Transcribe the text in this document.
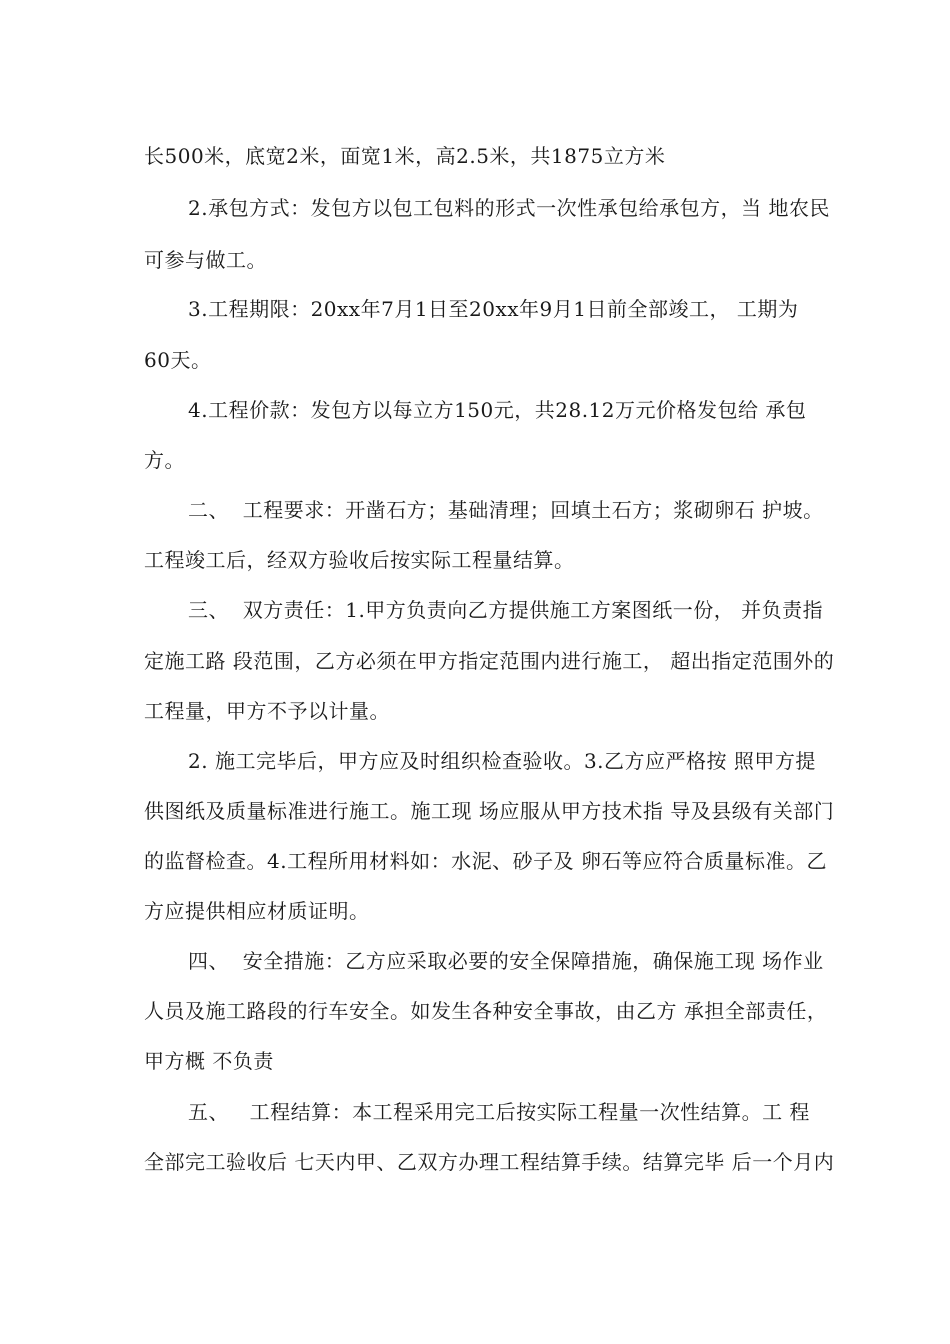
长500米，底宽2米，面宽1米，高2.5米，共1875立方米
2.承包方式：发包方以包工包料的形式一次性承包给承包方，当 地农民
可参与做工。
3.工程期限：20xx年7月1日至20xx年9月1日前全部竣工， 工期为
60天。
4.工程价款：发包方以每立方150元，共28.12万元价格发包给 承包
方。
二、  工程要求：开凿石方；基础清理；回填土石方；浆砌卵石 护坡。
工程竣工后，经双方验收后按实际工程量结算。
三、  双方责任：1.甲方负责向乙方提供施工方案图纸一份， 并负责指
定施工路 段范围，乙方必须在甲方指定范围内进行施工， 超出指定范围外的
工程量，甲方不予以计量。
2. 施工完毕后，甲方应及时组织检查验收。3.乙方应严格按 照甲方提
供图纸及质量标准进行施工。施工现 场应服从甲方技术指 导及县级有关部门
的监督检查。4.工程所用材料如：水泥、砂子及 卵石等应符合质量标准。乙
方应提供相应材质证明。
四、  安全措施：乙方应采取必要的安全保障措施，确保施工现 场作业
人员及施工路段的行车安全。如发生各种安全事故，由乙方 承担全部责任，
甲方概 不负责
五、   工程结算：本工程采用完工后按实际工程量一次性结算。工 程
全部完工验收后 七天内甲、乙双方办理工程结算手续。结算完毕 后一个月内
